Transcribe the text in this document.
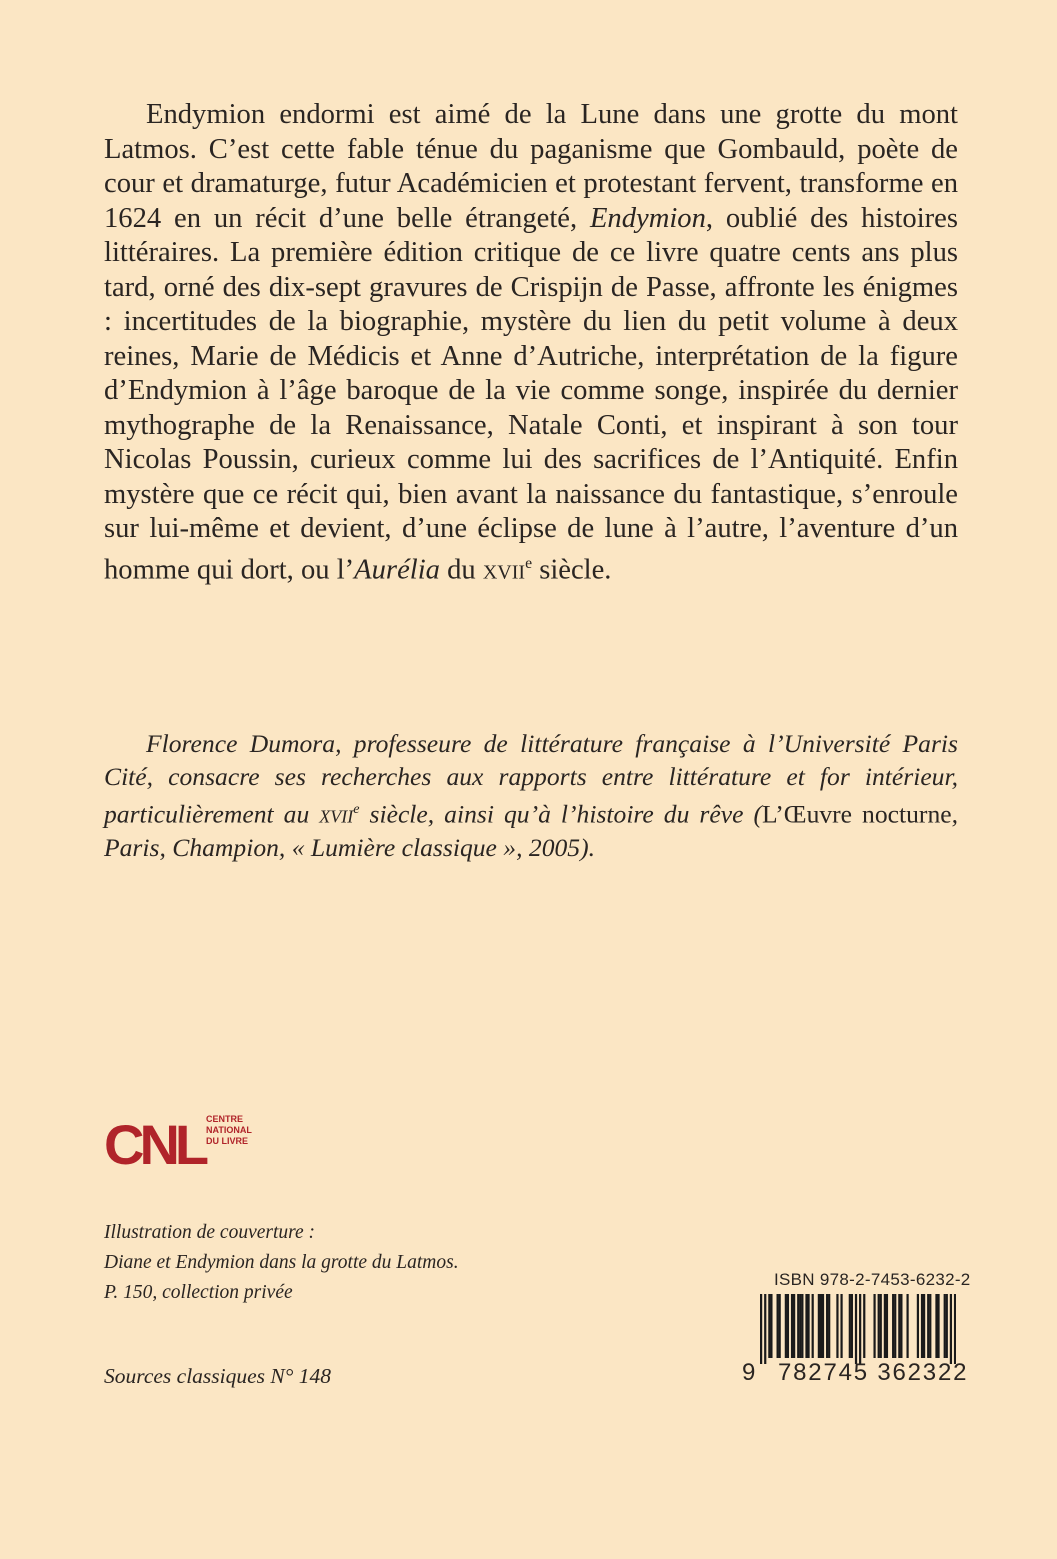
Endymion endormi est aimé de la Lune dans une grotte du mont Latmos. C’est cette fable ténue du paganisme que Gombauld, poète de cour et dramaturge, futur Académicien et protestant fervent, transforme en 1624 en un récit d’une belle étrangeté, Endymion, oublié des histoires littéraires. La première édition critique de ce livre quatre cents ans plus tard, orné des dix-sept gravures de Crispijn de Passe, affronte les énigmes : incertitudes de la biographie, mystère du lien du petit volume à deux reines, Marie de Médicis et Anne d’Autriche, interprétation de la figure d’Endymion à l’âge baroque de la vie comme songe, inspirée du dernier mythographe de la Renaissance, Natale Conti, et inspirant à son tour Nicolas Poussin, curieux comme lui des sacrifices de l’Antiquité. Enfin mystère que ce récit qui, bien avant la naissance du fantastique, s’enroule sur lui-même et devient, d’une éclipse de lune à l’autre, l’aventure d’un homme qui dort, ou l’Aurélia du xvii$^e$ siècle.

Florence Dumora, professeure de littérature française à l’Université Paris Cité, consacre ses recherches aux rapports entre littérature et for intérieur, particulièrement au xvii$^e$ siècle, ainsi qu’à l’histoire du rêve (L’Œuvre nocturne, Paris, Champion, « Lumière classique », 2005).

CNL CENTRE
NATIONAL
DU LIVRE
Illustration de couverture :
Diane et Endymion dans la grotte du Latmos.
P. 150, collection privée
Sources classiques N° 148
ISBN 978-2-7453-6232-2
9 782745 362322
